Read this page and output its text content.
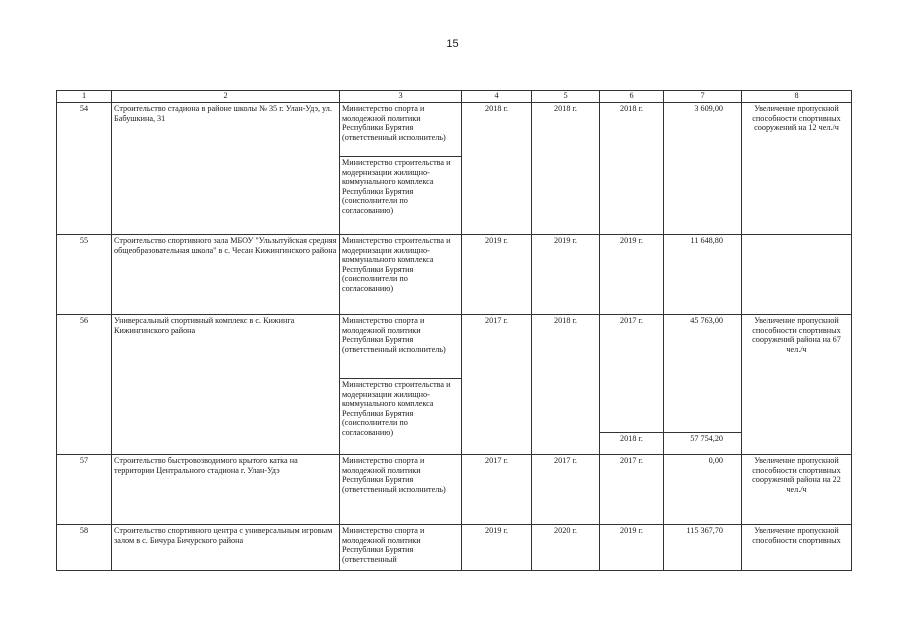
15
1	2	3	4	5	6	7	8
54	Строительство стадиона в районе школы № 35 г. Улан-Удэ, ул. Бабушкина, 31	Министерство спорта и молодежной политики Республики Бурятия (ответственный исполнитель)	2018 г.	2018 г.	2018 г.	3 609,00	Увеличение пропускной способности спортивных сооружений на 12 чел./ч
		Министерство строительства и модернизации жилищно-коммунального комплекса Республики Бурятия (соисполнители по согласованию)					
55	Строительство спортивного зала МБОУ "Ульзытуйская средняя общеобразовательная школа" в с. Чесан Кижингинского района	Министерство строительства и модернизации жилищно-коммунального комплекса Республики Бурятия (соисполнители по согласованию)	2019 г.	2019 г.	2019 г.	11 648,80	
56	Универсальный спортивный комплекс в с. Кижинга Кижингинского района	Министерство спорта и молодежной политики Республики Бурятия (ответственный исполнитель)	2017 г.	2018 г.	2017 г.	45 763,00	Увеличение пропускной способности спортивных сооружений района на 67 чел./ч
		Министерство строительства и модернизации жилищно-коммунального комплекса Республики Бурятия (соисполнители по согласованию)					
					2018 г.	57 754,20	
57	Строительство быстровозводимого крытого катка на территории Центрального стадиона г. Улан-Удэ	Министерство спорта и молодежной политики Республики Бурятия (ответственный исполнитель)	2017 г.	2017 г.	2017 г.	0,00	Увеличение пропускной способности спортивных сооружений района на 22 чел./ч
58	Строительство спортивного центра с универсальным игровым залом в с. Бичура Бичурского района	Министерство спорта и молодежной политики Республики Бурятия (ответственный	2019 г.	2020 г.	2019 г.	115 367,70	Увеличение пропускной способности спортивных
